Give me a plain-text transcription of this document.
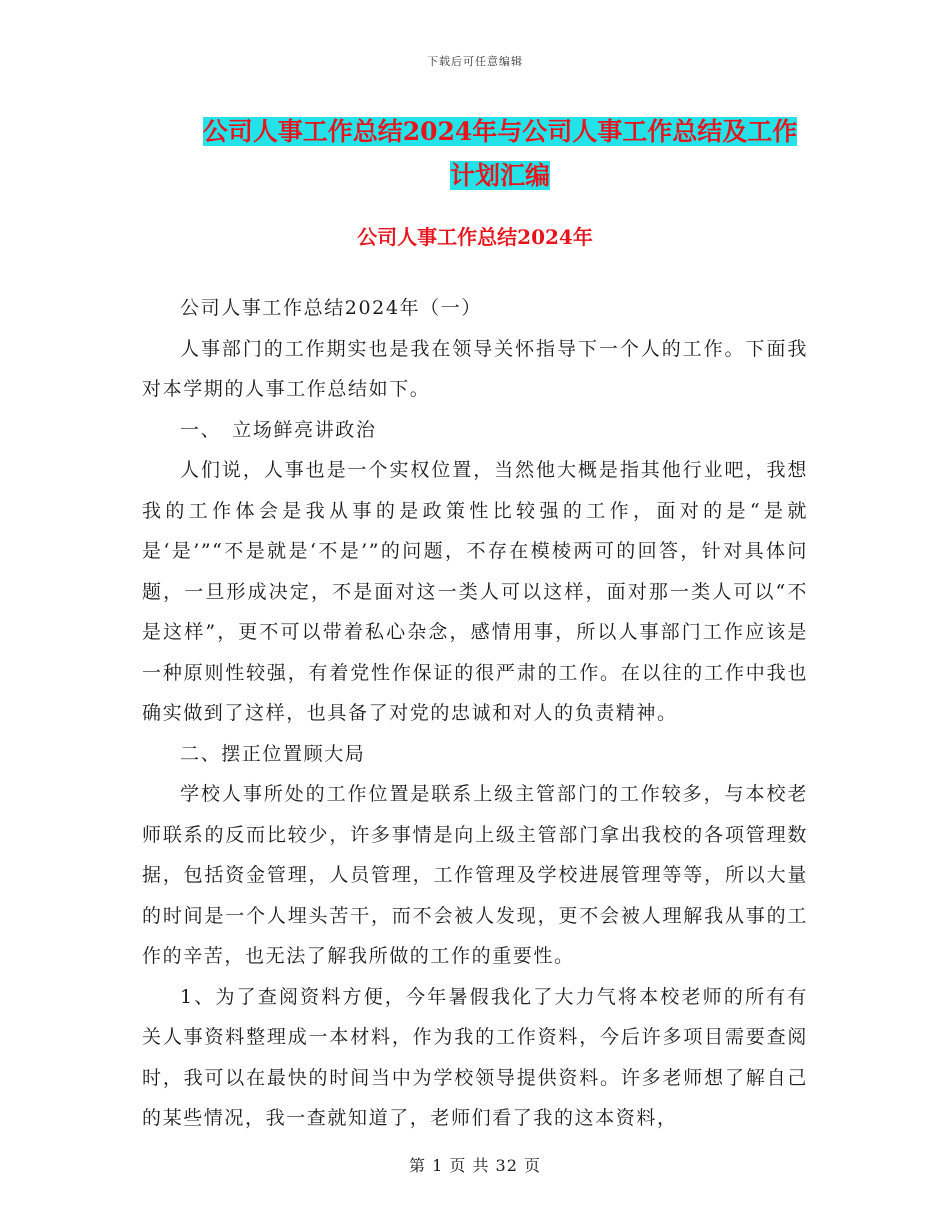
下载后可任意编辑
公司人事工作总结2024年与公司人事工作总结及工作
计划汇编
公司人事工作总结2024年

公司人事工作总结2024年（一）

人事部门的工作期实也是我在领导关怀指导下一个人的工作。下面我对本学期的人事工作总结如下。

一、　立场鲜亮讲政治

人们说，人事也是一个实权位置，当然他大概是指其他行业吧，我想我的工作体会是我从事的是政策性比较强的工作，面对的是“是就是‘是’”“不是就是‘不是’”的问题，不存在模棱两可的回答，针对具体问题，一旦形成决定，不是面对这一类人可以这样，面对那一类人可以“不是这样”，更不可以带着私心杂念，感情用事，所以人事部门工作应该是一种原则性较强，有着党性作保证的很严肃的工作。在以往的工作中我也确实做到了这样，也具备了对党的忠诚和对人的负责精神。

二、摆正位置顾大局

学校人事所处的工作位置是联系上级主管部门的工作较多，与本校老师联系的反而比较少，许多事情是向上级主管部门拿出我校的各项管理数据，包括资金管理，人员管理，工作管理及学校进展管理等等，所以大量的时间是一个人埋头苦干，而不会被人发现，更不会被人理解我从事的工作的辛苦，也无法了解我所做的工作的重要性。

1、为了查阅资料方便，今年暑假我化了大力气将本校老师的所有有关人事资料整理成一本材料，作为我的工作资料，今后许多项目需要查阅时，我可以在最快的时间当中为学校领导提供资料。许多老师想了解自己的某些情况，我一查就知道了，老师们看了我的这本资料，

第 1 页 共 32 页
